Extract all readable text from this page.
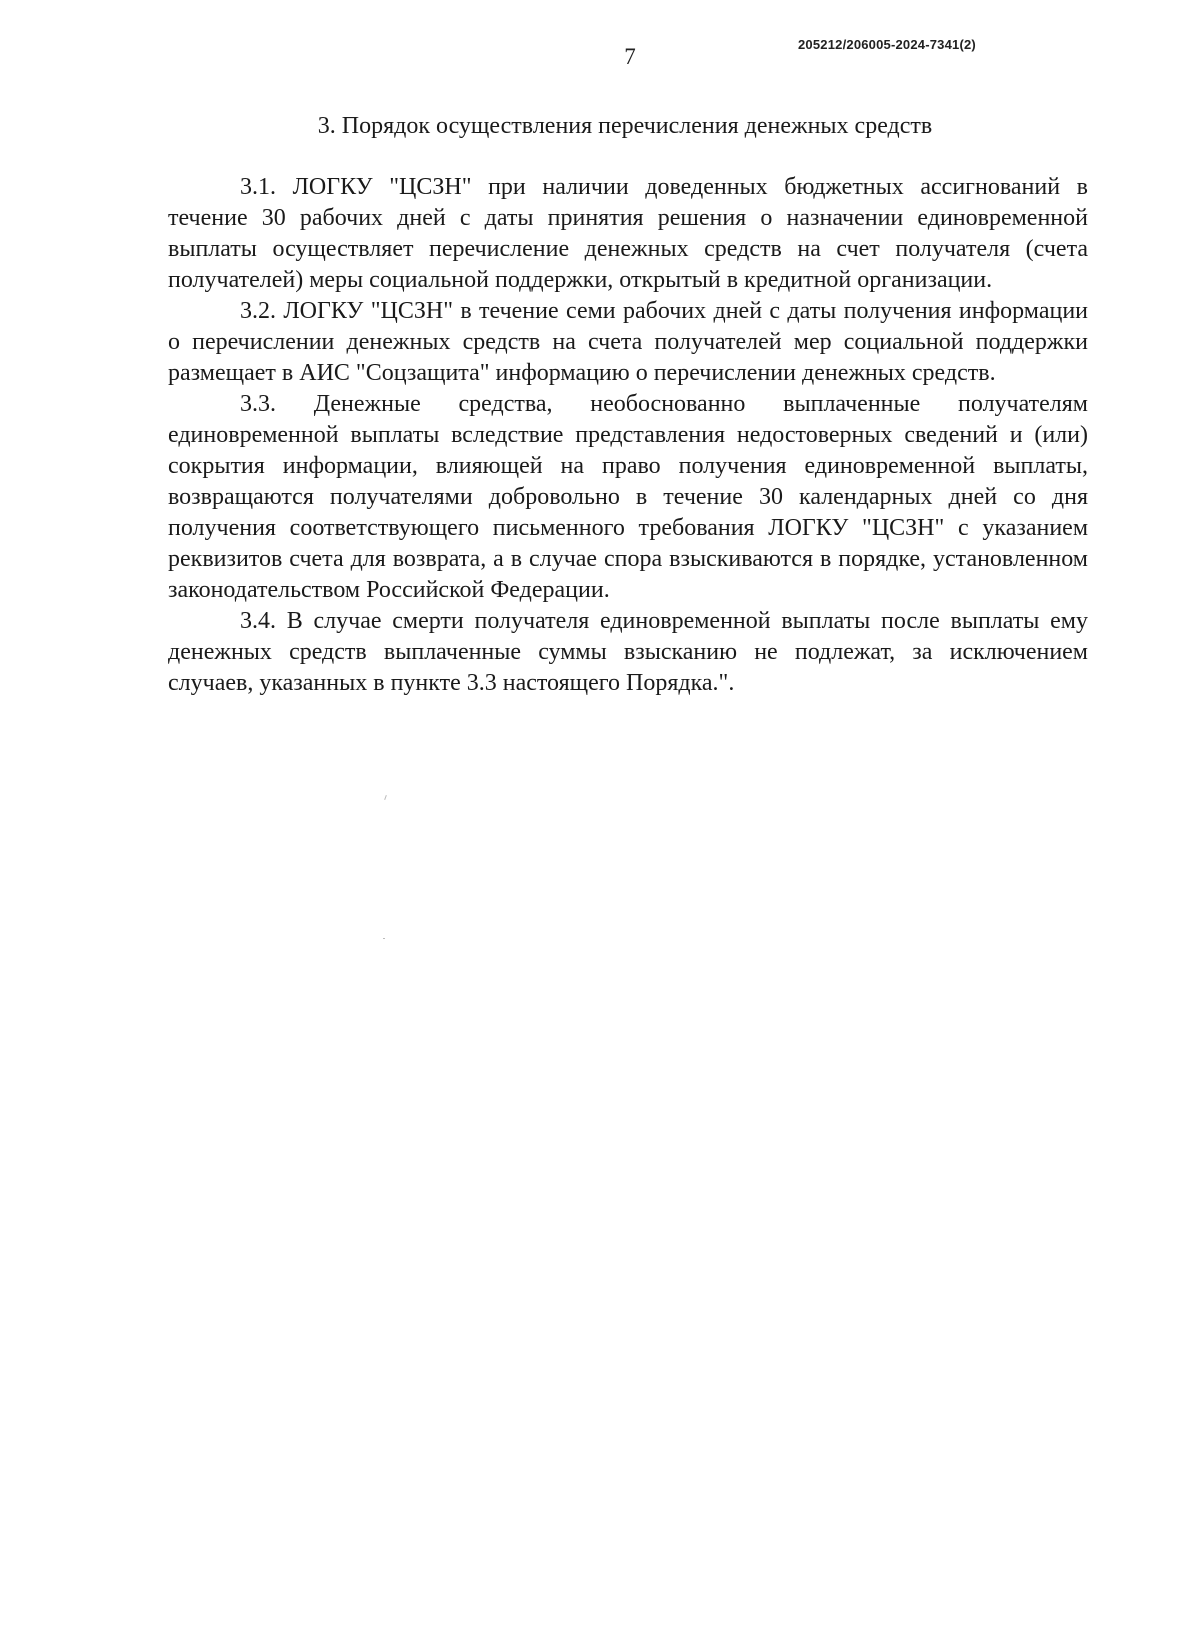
205212/206005-2024-7341(2)
7
3. Порядок осуществления перечисления денежных средств

3.1. ЛОГКУ "ЦСЗН" при наличии доведенных бюджетных ассигнований в течение 30 рабочих дней с даты принятия решения о назначении единовременной выплаты осуществляет перечисление денежных средств на счет получателя (счета получателей) меры социальной поддержки, открытый в кредитной организации.

3.2. ЛОГКУ "ЦСЗН" в течение семи рабочих дней с даты получения информации о перечислении денежных средств на счета получателей мер социальной поддержки размещает в АИС "Соцзащита" информацию о перечислении денежных средств.

3.3. Денежные средства, необоснованно выплаченные получателям единовременной выплаты вследствие представления недостоверных сведений и (или) сокрытия информации, влияющей на право получения единовременной выплаты, возвращаются получателями добровольно в течение 30 календарных дней со дня получения соответствующего письменного требования ЛОГКУ "ЦСЗН" с указанием реквизитов счета для возврата, а в случае спора взыскиваются в порядке, установленном законодательством Российской Федерации.

3.4. В случае смерти получателя единовременной выплаты после выплаты ему денежных средств выплаченные суммы взысканию не подлежат, за исключением случаев, указанных в пункте 3.3 настоящего Порядка.".
